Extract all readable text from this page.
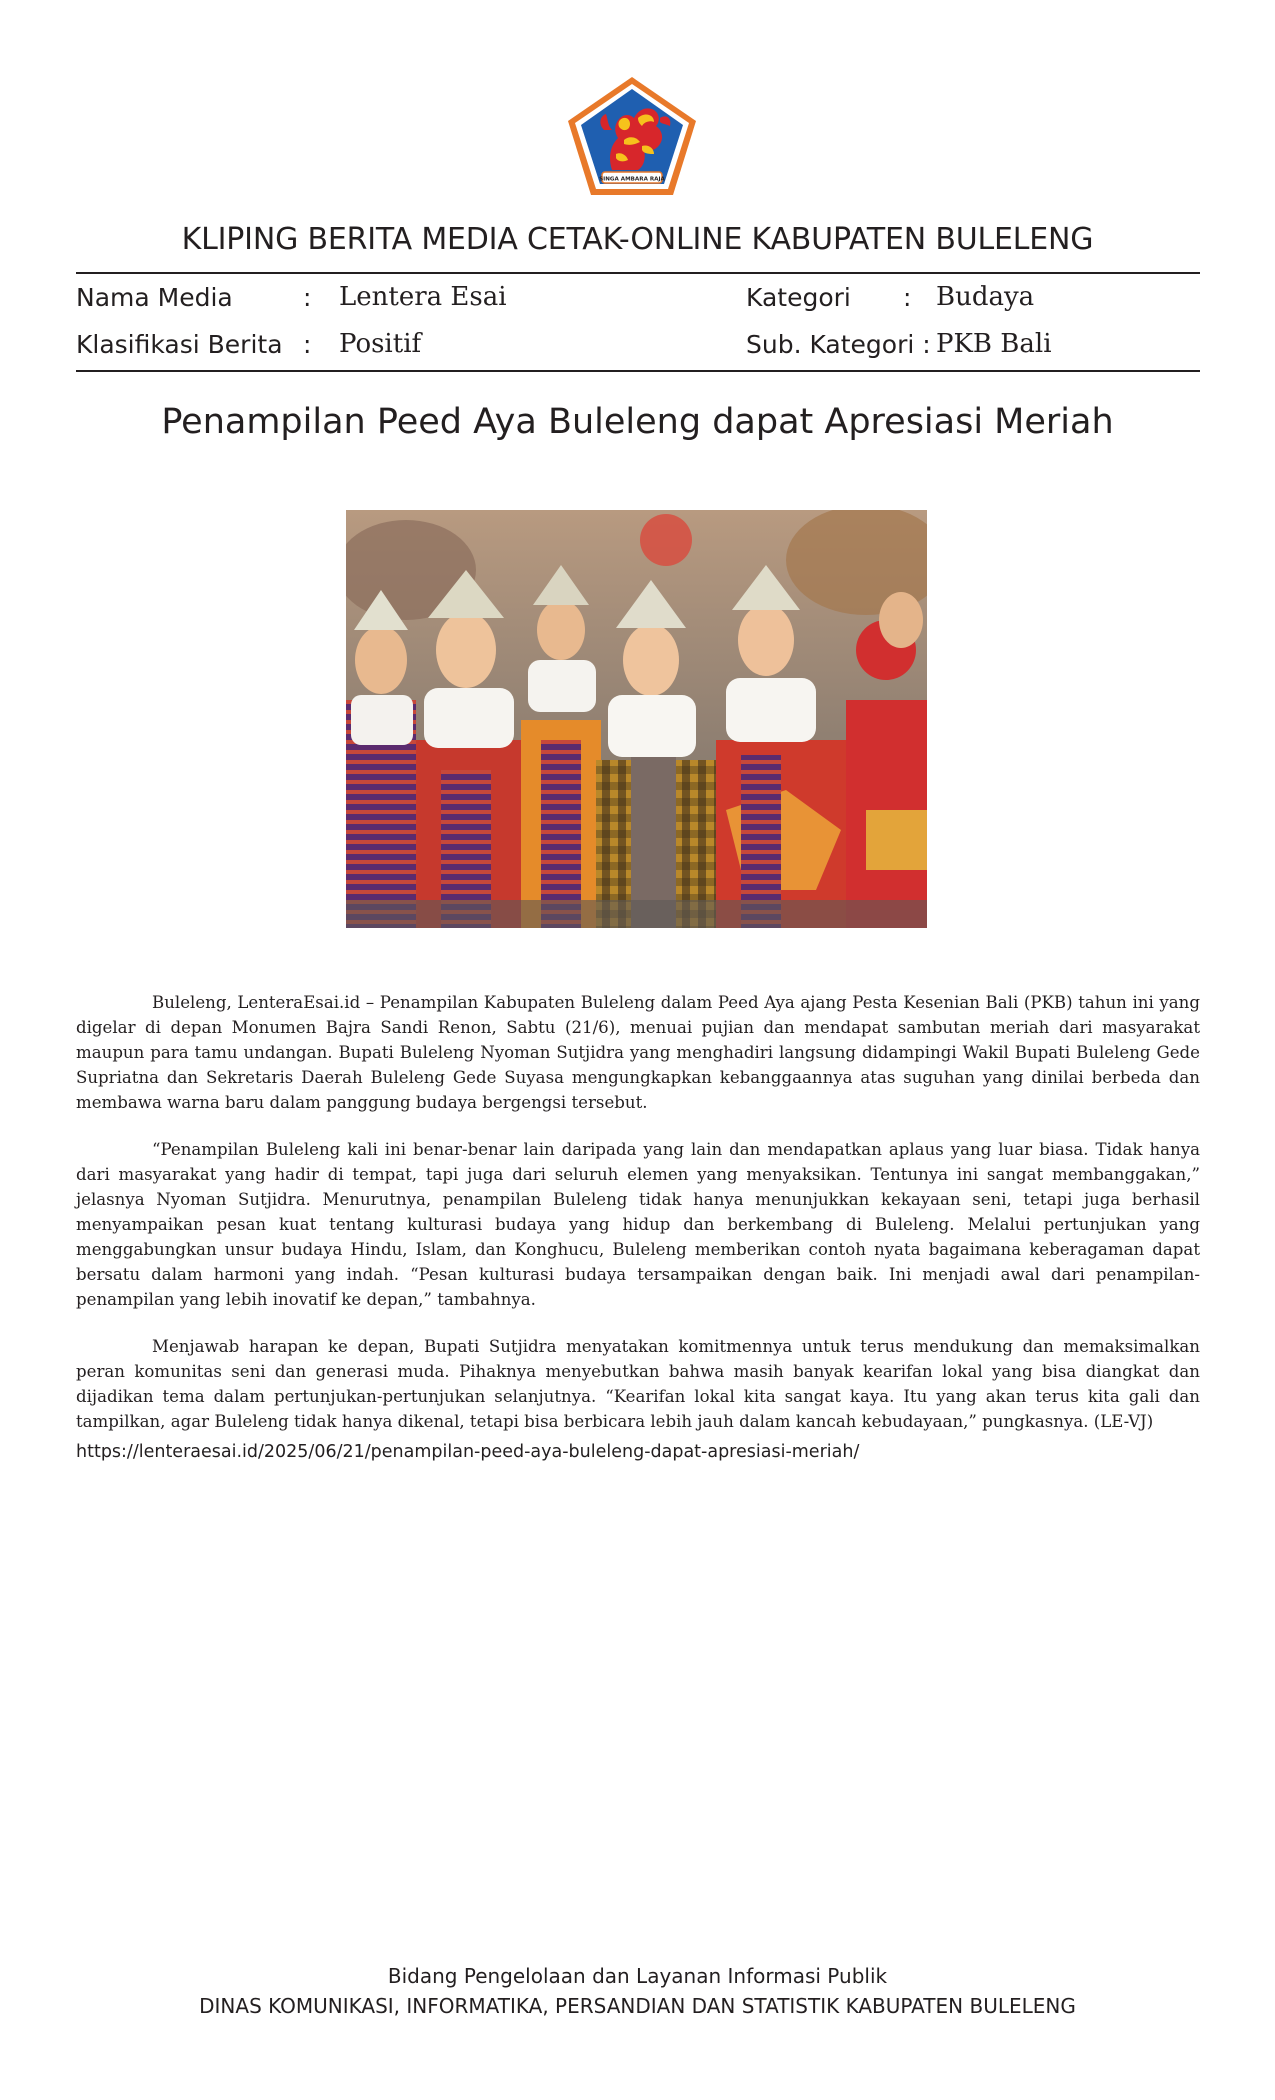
SINGA AMBARA RAJA
KLIPING BERITA MEDIA CETAK-ONLINE KABUPATEN BULELENG
Nama Media	: Lentera Esai	Kategori : Budaya
Klasifikasi Berita : Positif	Sub. Kategori : PKB Bali
Penampilan Peed Aya Buleleng dapat Apresiasi Meriah

Buleleng, LenteraEsai.id – Penampilan Kabupaten Buleleng dalam Peed Aya ajang Pesta Kesenian Bali (PKB) tahun ini yang digelar di depan Monumen Bajra Sandi Renon, Sabtu (21/6), menuai pujian dan mendapat sambutan meriah dari masyarakat maupun para tamu undangan. Bupati Buleleng Nyoman Sutjidra yang menghadiri langsung didampingi Wakil Bupati Buleleng Gede Supriatna dan Sekretaris Daerah Buleleng Gede Suyasa mengungkapkan kebanggaannya atas suguhan yang dinilai berbeda dan membawa warna baru dalam panggung budaya bergengsi tersebut.

“Penampilan Buleleng kali ini benar-benar lain daripada yang lain dan mendapatkan aplaus yang luar biasa. Tidak hanya dari masyarakat yang hadir di tempat, tapi juga dari seluruh elemen yang menyaksikan. Tentunya ini sangat membanggakan,” jelasnya Nyoman Sutjidra. Menurutnya, penampilan Buleleng tidak hanya menunjukkan kekayaan seni, tetapi juga berhasil menyampaikan pesan kuat tentang kulturasi budaya yang hidup dan berkembang di Buleleng. Melalui pertunjukan yang menggabungkan unsur budaya Hindu, Islam, dan Konghucu, Buleleng memberikan contoh nyata bagaimana keberagaman dapat bersatu dalam harmoni yang indah. “Pesan kulturasi budaya tersampaikan dengan baik. Ini menjadi awal dari penampilan-penampilan yang lebih inovatif ke depan,” tambahnya.

Menjawab harapan ke depan, Bupati Sutjidra menyatakan komitmennya untuk terus mendukung dan memaksimalkan peran komunitas seni dan generasi muda. Pihaknya menyebutkan bahwa masih banyak kearifan lokal yang bisa diangkat dan dijadikan tema dalam pertunjukan-pertunjukan selanjutnya. “Kearifan lokal kita sangat kaya. Itu yang akan terus kita gali dan tampilkan, agar Buleleng tidak hanya dikenal, tetapi bisa berbicara lebih jauh dalam kancah kebudayaan,” pungkasnya. (LE-VJ)

https://lenteraesai.id/2025/06/21/penampilan-peed-aya-buleleng-dapat-apresiasi-meriah/
Bidang Pengelolaan dan Layanan Informasi Publik
DINAS KOMUNIKASI, INFORMATIKA, PERSANDIAN DAN STATISTIK KABUPATEN BULELENG
